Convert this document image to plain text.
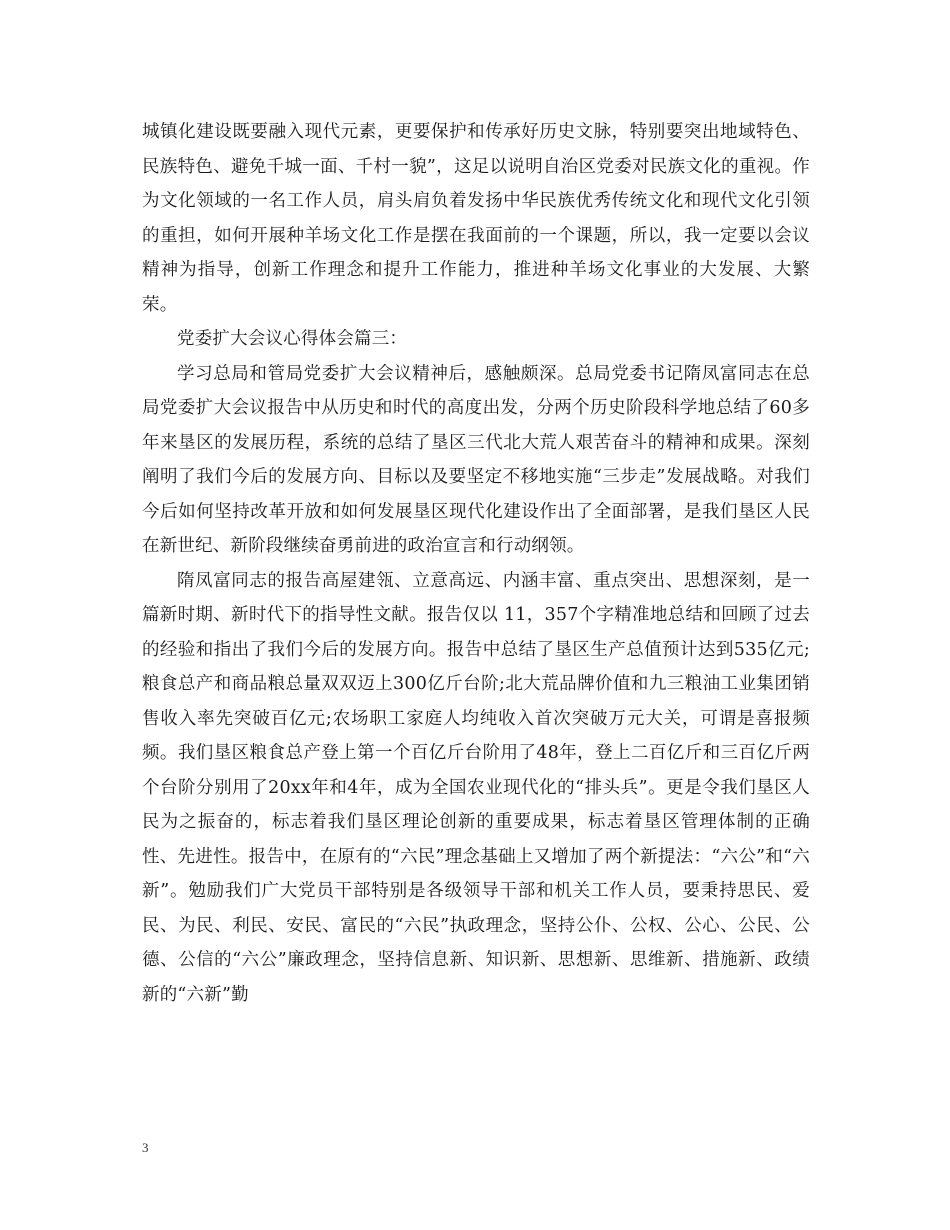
城镇化建设既要融入现代元素，更要保护和传承好历史文脉，特别要突出地域特色、民族特色、避免千城一面、千村一貌”，这足以说明自治区党委对民族文化的重视。作为文化领域的一名工作人员，肩头肩负着发扬中华民族优秀传统文化和现代文化引领的重担，如何开展种羊场文化工作是摆在我面前的一个课题，所以，我一定要以会议精神为指导，创新工作理念和提升工作能力，推进种羊场文化事业的大发展、大繁荣。

党委扩大会议心得体会篇三：

学习总局和管局党委扩大会议精神后，感触颇深。总局党委书记隋凤富同志在总局党委扩大会议报告中从历史和时代的高度出发，分两个历史阶段科学地总结了60多年来垦区的发展历程，系统的总结了垦区三代北大荒人艰苦奋斗的精神和成果。深刻阐明了我们今后的发展方向、目标以及要坚定不移地实施“三步走”发展战略。对我们今后如何坚持改革开放和如何发展垦区现代化建设作出了全面部署，是我们垦区人民在新世纪、新阶段继续奋勇前进的政治宣言和行动纲领。

隋凤富同志的报告高屋建瓴、立意高远、内涵丰富、重点突出、思想深刻，是一篇新时期、新时代下的指导性文献。报告仅以 11，357个字精准地总结和回顾了过去的经验和指出了我们今后的发展方向。报告中总结了垦区生产总值预计达到535亿元;粮食总产和商品粮总量双双迈上300亿斤台阶;北大荒品牌价值和九三粮油工业集团销售收入率先突破百亿元;农场职工家庭人均纯收入首次突破万元大关，可谓是喜报频频。我们垦区粮食总产登上第一个百亿斤台阶用了48年，登上二百亿斤和三百亿斤两个台阶分别用了20xx年和4年，成为全国农业现代化的“排头兵”。更是令我们垦区人民为之振奋的，标志着我们垦区理论创新的重要成果，标志着垦区管理体制的正确性、先进性。报告中，在原有的“六民”理念基础上又增加了两个新提法：“六公”和“六新”。勉励我们广大党员干部特别是各级领导干部和机关工作人员，要秉持思民、爱民、为民、利民、安民、富民的“六民”执政理念，坚持公仆、公权、公心、公民、公德、公信的“六公”廉政理念，坚持信息新、知识新、思想新、思维新、措施新、政绩新的“六新”勤

3
